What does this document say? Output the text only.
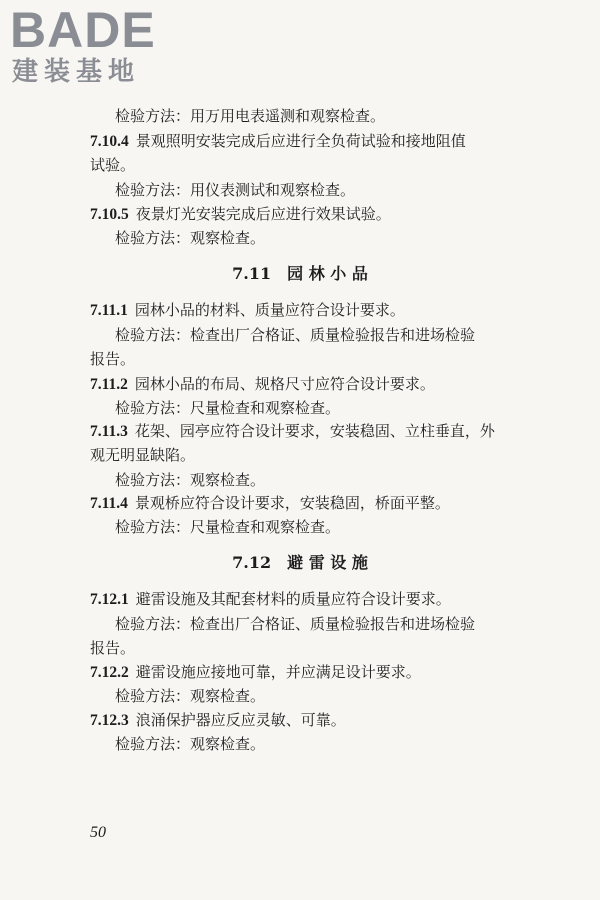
BADE
建装基地
检验方法：用万用电表遥测和观察检查。
7.10.4 景观照明安装完成后应进行全负荷试验和接地阻值
试验。
检验方法：用仪表测试和观察检查。
7.10.5 夜景灯光安装完成后应进行效果试验。
检验方法：观察检查。
7.11　园 林 小 品
7.11.1 园林小品的材料、质量应符合设计要求。
检验方法：检查出厂合格证、质量检验报告和进场检验
报告。
7.11.2 园林小品的布局、规格尺寸应符合设计要求。
检验方法：尺量检查和观察检查。
7.11.3 花架、园亭应符合设计要求，安装稳固、立柱垂直，外
观无明显缺陷。
检验方法：观察检查。
7.11.4 景观桥应符合设计要求，安装稳固，桥面平整。
检验方法：尺量检查和观察检查。
7.12　避 雷 设 施
7.12.1 避雷设施及其配套材料的质量应符合设计要求。
检验方法：检查出厂合格证、质量检验报告和进场检验
报告。
7.12.2 避雷设施应接地可靠，并应满足设计要求。
检验方法：观察检查。
7.12.3 浪涌保护器应反应灵敏、可靠。
检验方法：观察检查。
50
